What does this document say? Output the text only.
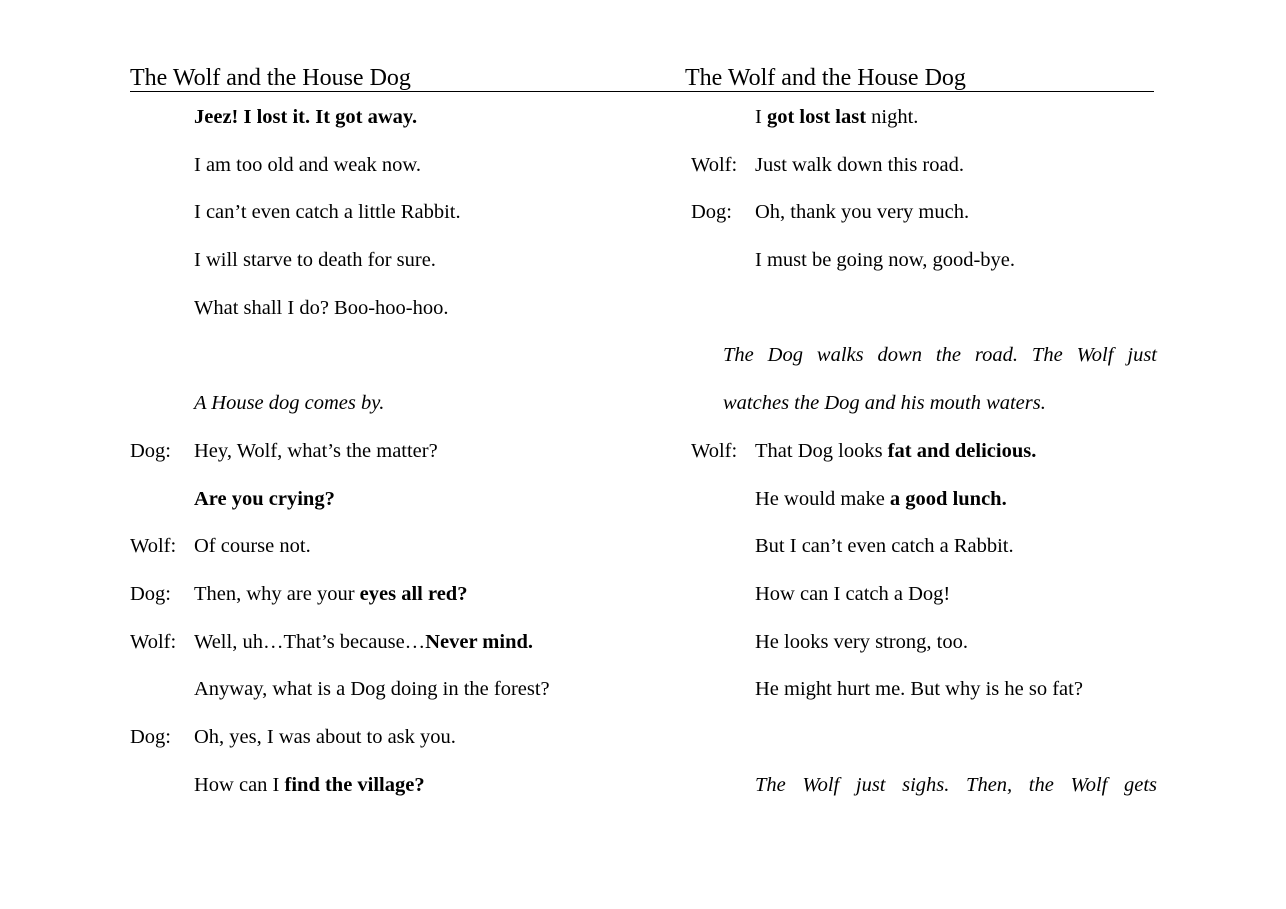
The Wolf and the House Dog	The Wolf and the House Dog
Jeez! I lost it. It got away.
I am too old and weak now.
I can’t even catch a little Rabbit.
I will starve to death for sure.
What shall I do? Boo-hoo-hoo.
A House dog comes by.
Dog: Hey, Wolf, what’s the matter?
Are you crying?
Wolf: Of course not.
Dog: Then, why are your eyes all red?
Wolf: Well, uh…That’s because…Never mind.
Anyway, what is a Dog doing in the forest?
Dog: Oh, yes, I was about to ask you.
How can I find the village?
I got lost last night.
Wolf: Just walk down this road.
Dog: Oh, thank you very much.
I must be going now, good-bye.
The Dog walks down the road. The Wolf just
watches the Dog and his mouth waters.
Wolf: That Dog looks fat and delicious.
He would make a good lunch.
But I can’t even catch a Rabbit.
How can I catch a Dog!
He looks very strong, too.
He might hurt me. But why is he so fat?
The Wolf just sighs. Then, the Wolf gets
